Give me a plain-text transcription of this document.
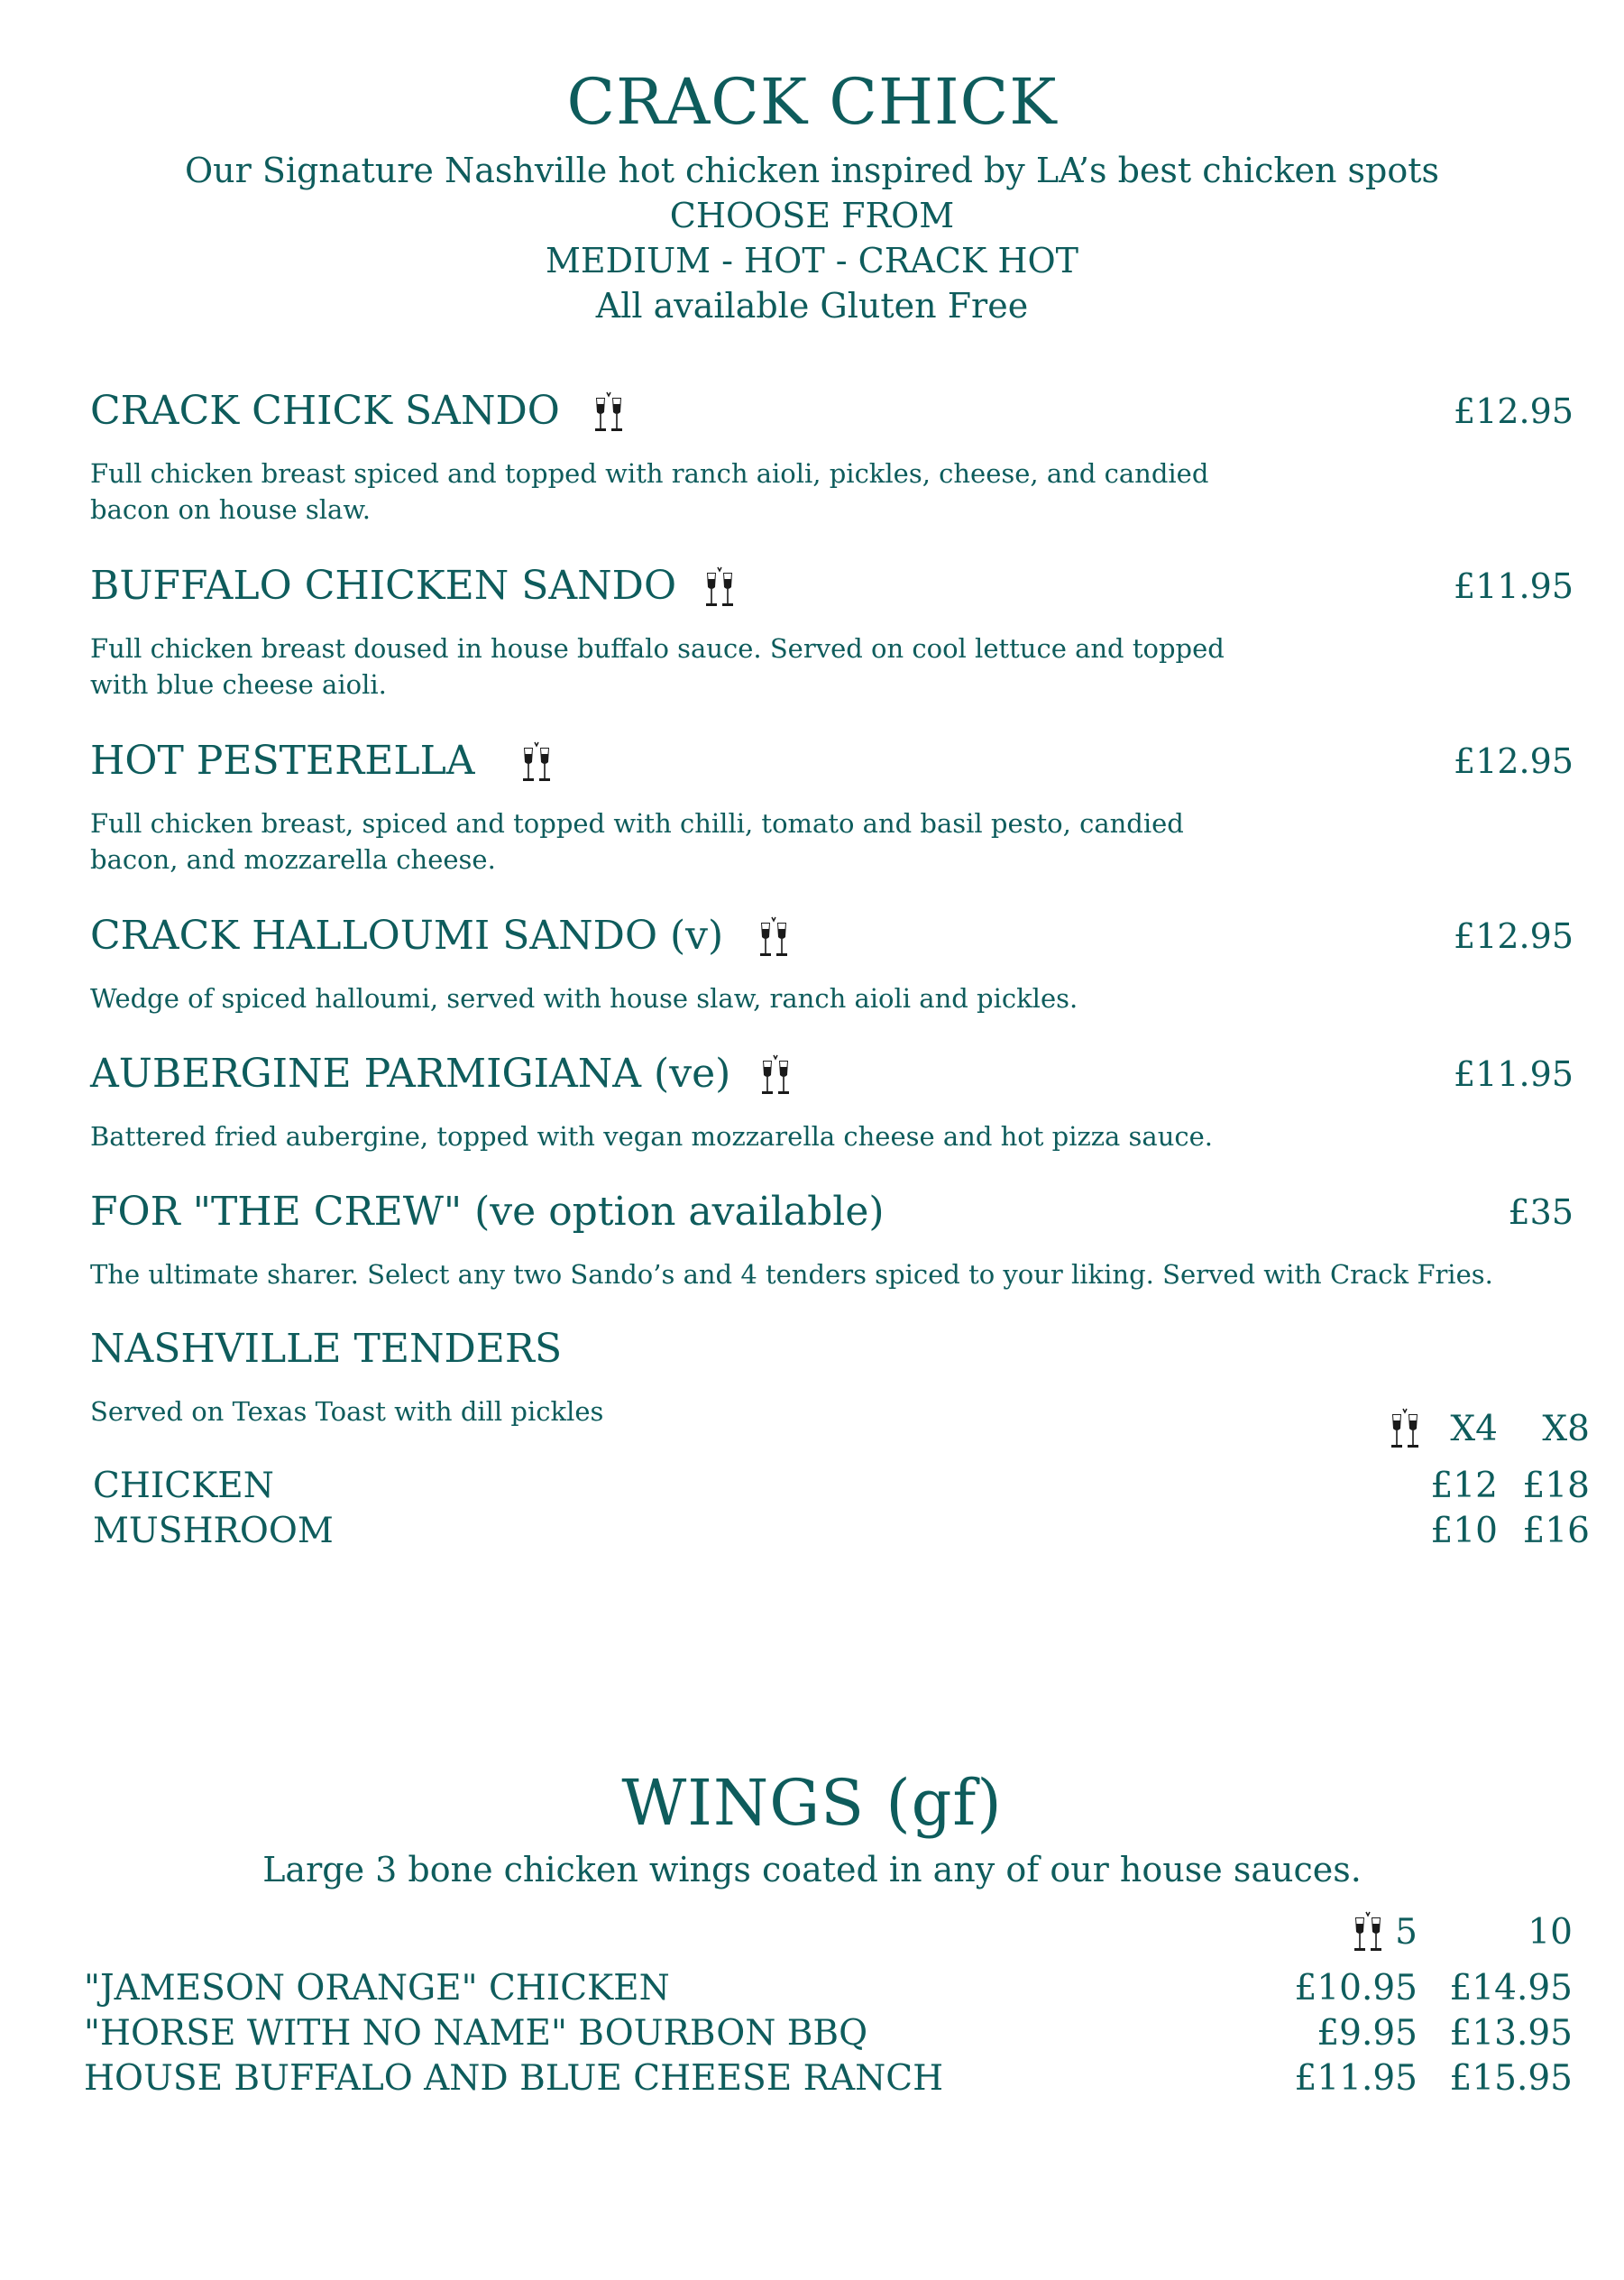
CRACK CHICK
Our Signature Nashville hot chicken inspired by LA’s best chicken spots
CHOOSE FROM
MEDIUM - HOT - CRACK HOT
All available Gluten Free
CRACK CHICK SANDO	£12.95
Full chicken breast spiced and topped with ranch aioli, pickles, cheese, and candied bacon on house slaw.
BUFFALO CHICKEN SANDO	£11.95
Full chicken breast doused in house buffalo sauce. Served on cool lettuce and topped with blue cheese aioli.
HOT PESTERELLA	£12.95
Full chicken breast, spiced and topped with chilli, tomato and basil pesto, candied bacon, and mozzarella cheese.
CRACK HALLOUMI SANDO (v)	£12.95
Wedge of spiced halloumi, served with house slaw, ranch aioli and pickles.
AUBERGINE PARMIGIANA (ve)	£11.95
Battered fried aubergine, topped with vegan mozzarella cheese and hot pizza sauce.
FOR "THE CREW" (ve option available)	£35
The ultimate sharer. Select any two Sando’s and 4 tenders spiced to your liking. Served with Crack Fries.
NASHVILLE TENDERS
Served on Texas Toast with dill pickles	X4 X8
CHICKEN	£12 £18
MUSHROOM	£10 £16
WINGS (gf)
Large 3 bone chicken wings coated in any of our house sauces.
5	10
"JAMESON ORANGE" CHICKEN	£10.95 £14.95
"HORSE WITH NO NAME" BOURBON BBQ	£9.95 £13.95
HOUSE BUFFALO AND BLUE CHEESE RANCH	£11.95 £15.95
